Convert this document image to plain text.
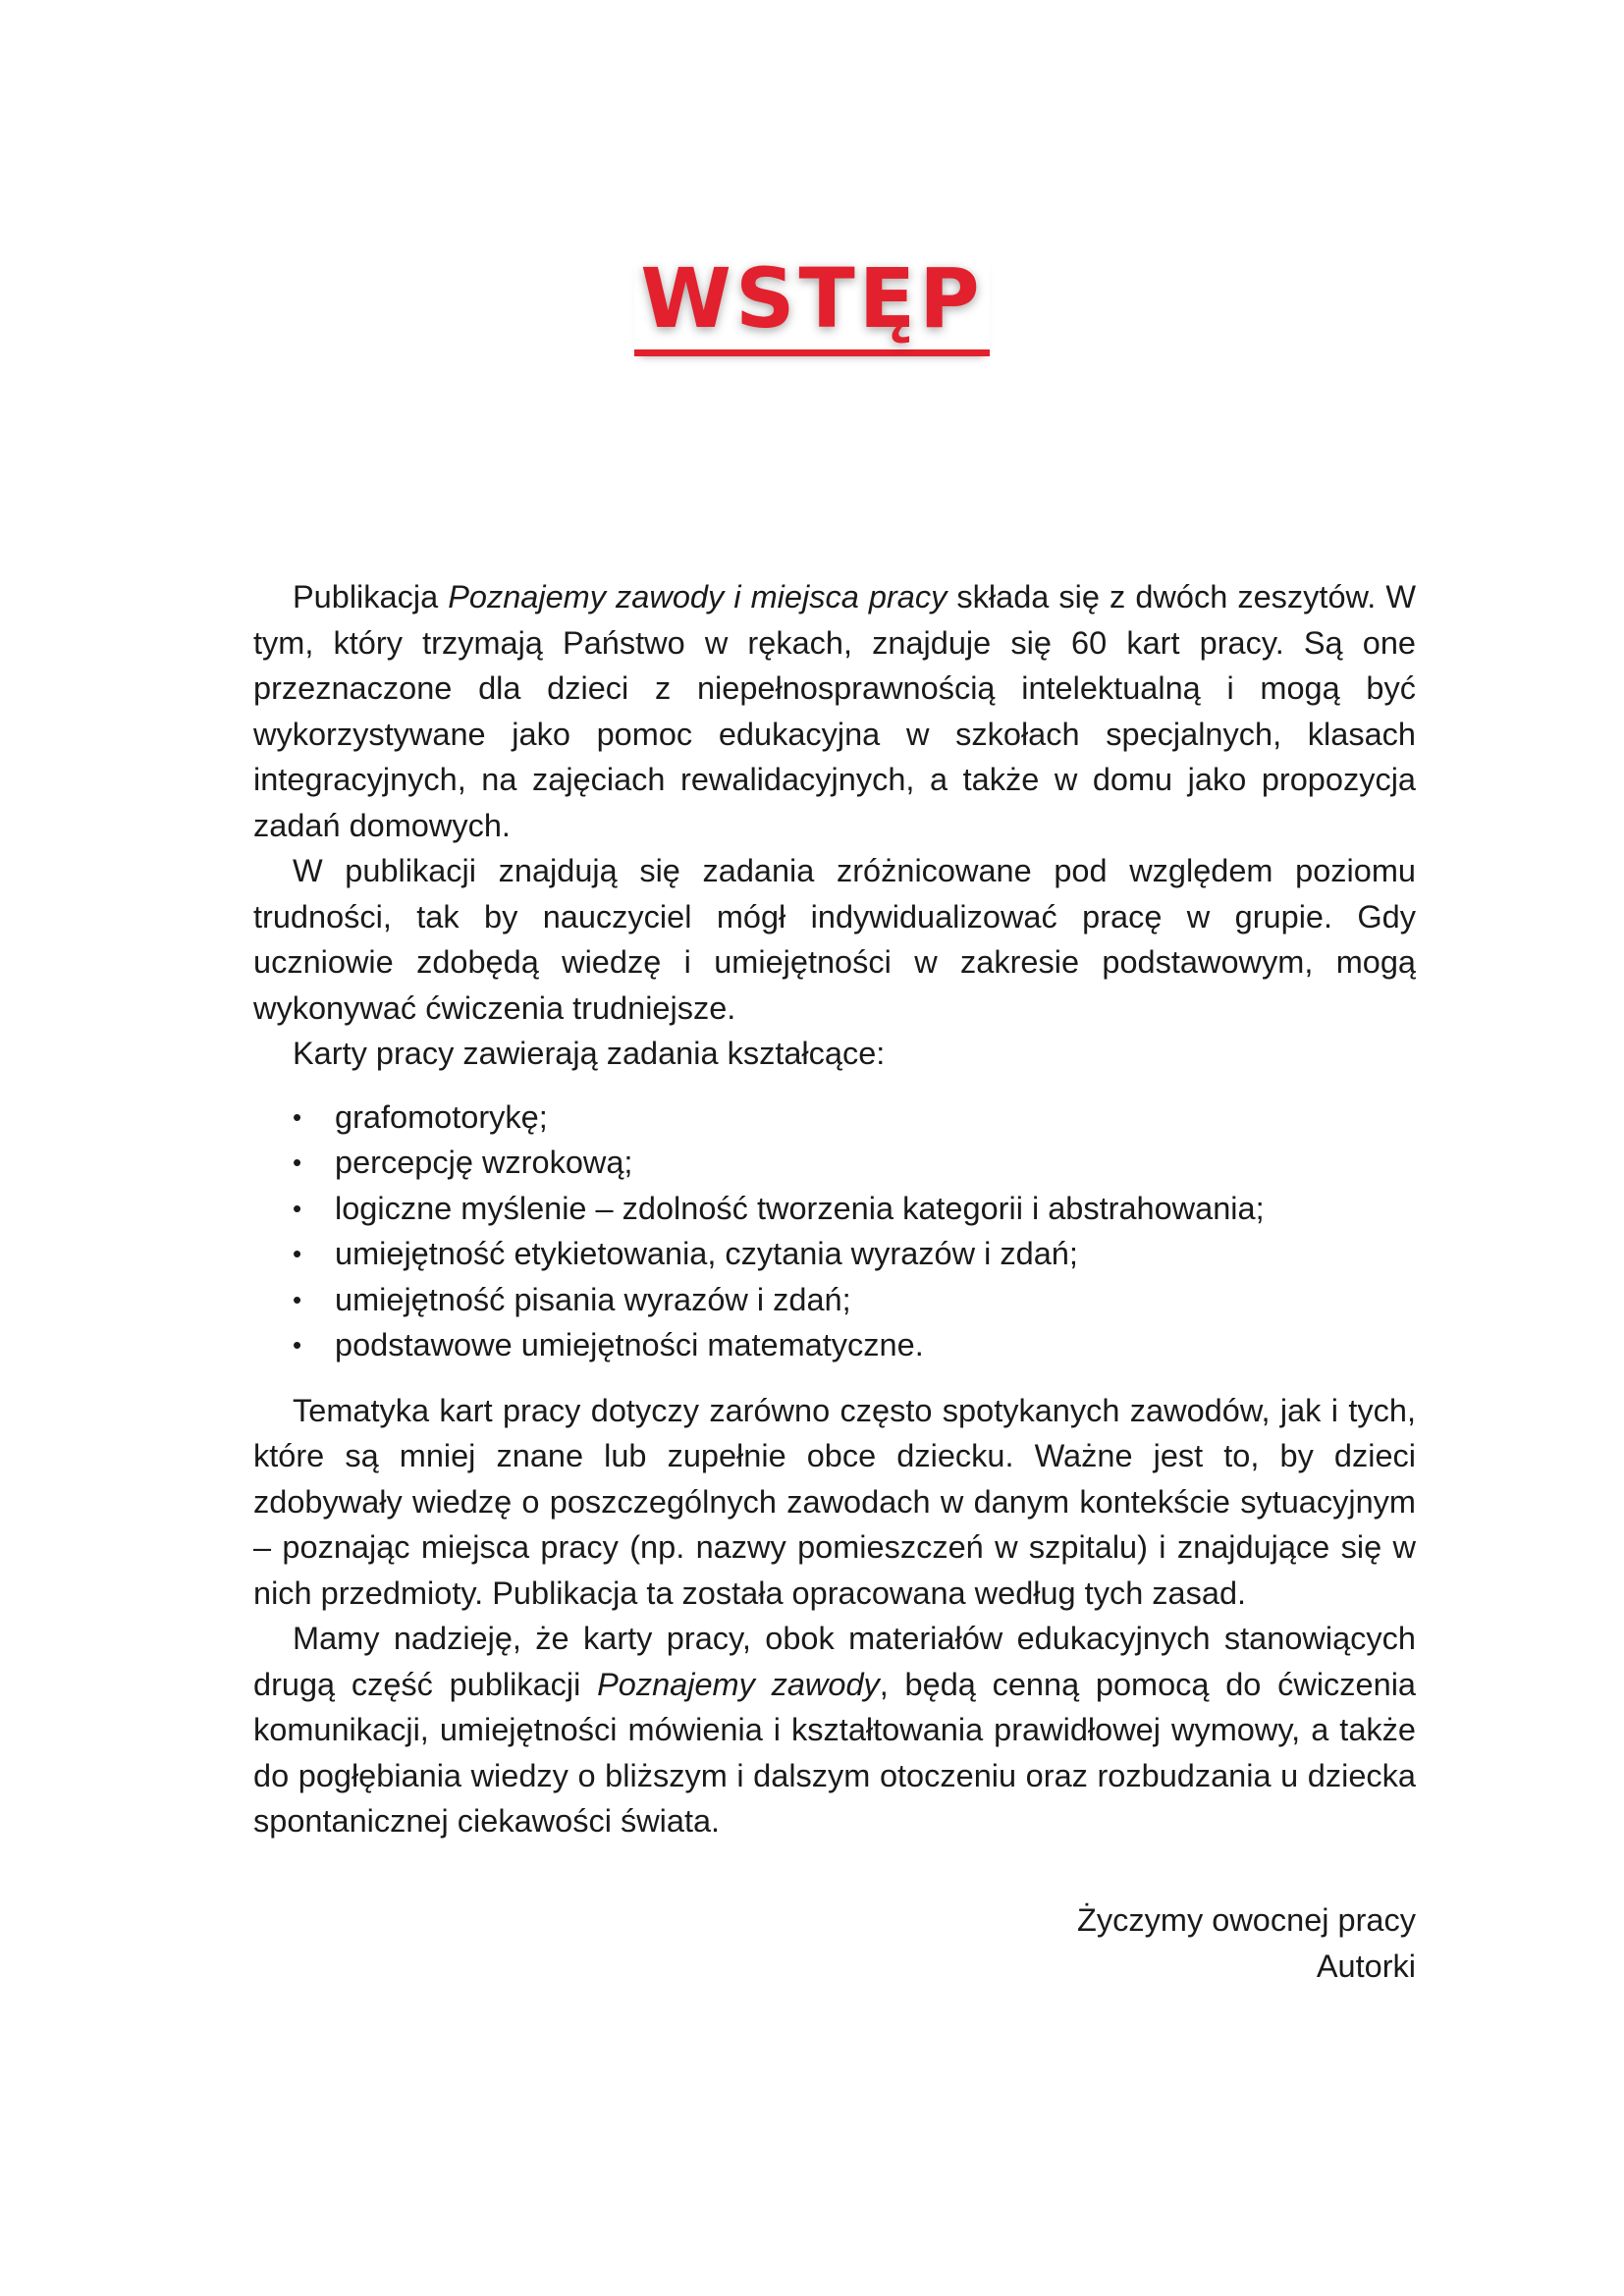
WSTĘP

Publikacja Poznajemy zawody i miejsca pracy składa się z dwóch zeszytów. W tym, który trzymają Państwo w rękach, znajduje się 60 kart pracy. Są one przeznaczone dla dzieci z niepełnosprawnością intelektualną i mogą być wykorzystywane jako pomoc edukacyjna w szkołach specjalnych, klasach integracyjnych, na zajęciach rewalidacyjnych, a także w domu jako propozycja zadań domowych.

W publikacji znajdują się zadania zróżnicowane pod względem poziomu trudności, tak by nauczyciel mógł indywidualizować pracę w grupie. Gdy uczniowie zdobędą wiedzę i umiejętności w zakresie podstawowym, mogą wykonywać ćwiczenia trudniejsze.

Karty pracy zawierają zadania kształcące:

• grafomotorykę;
• percepcję wzrokową;
• logiczne myślenie – zdolność tworzenia kategorii i abstrahowania;
• umiejętność etykietowania, czytania wyrazów i zdań;
• umiejętność pisania wyrazów i zdań;
• podstawowe umiejętności matematyczne.

Tematyka kart pracy dotyczy zarówno często spotykanych zawodów, jak i tych, które są mniej znane lub zupełnie obce dziecku. Ważne jest to, by dzieci zdobywały wiedzę o poszczególnych zawodach w danym kontekście sytuacyjnym – poznając miejsca pracy (np. nazwy pomieszczeń w szpitalu) i znajdujące się w nich przedmioty. Publikacja ta została opracowana według tych zasad.

Mamy nadzieję, że karty pracy, obok materiałów edukacyjnych stanowiących drugą część publikacji Poznajemy zawody, będą cenną pomocą do ćwiczenia komunikacji, umiejętności mówienia i kształtowania prawidłowej wymowy, a także do pogłębiania wiedzy o bliższym i dalszym otoczeniu oraz rozbudzania u dziecka spontanicznej ciekawości świata.

Życzymy owocnej pracy
Autorki
